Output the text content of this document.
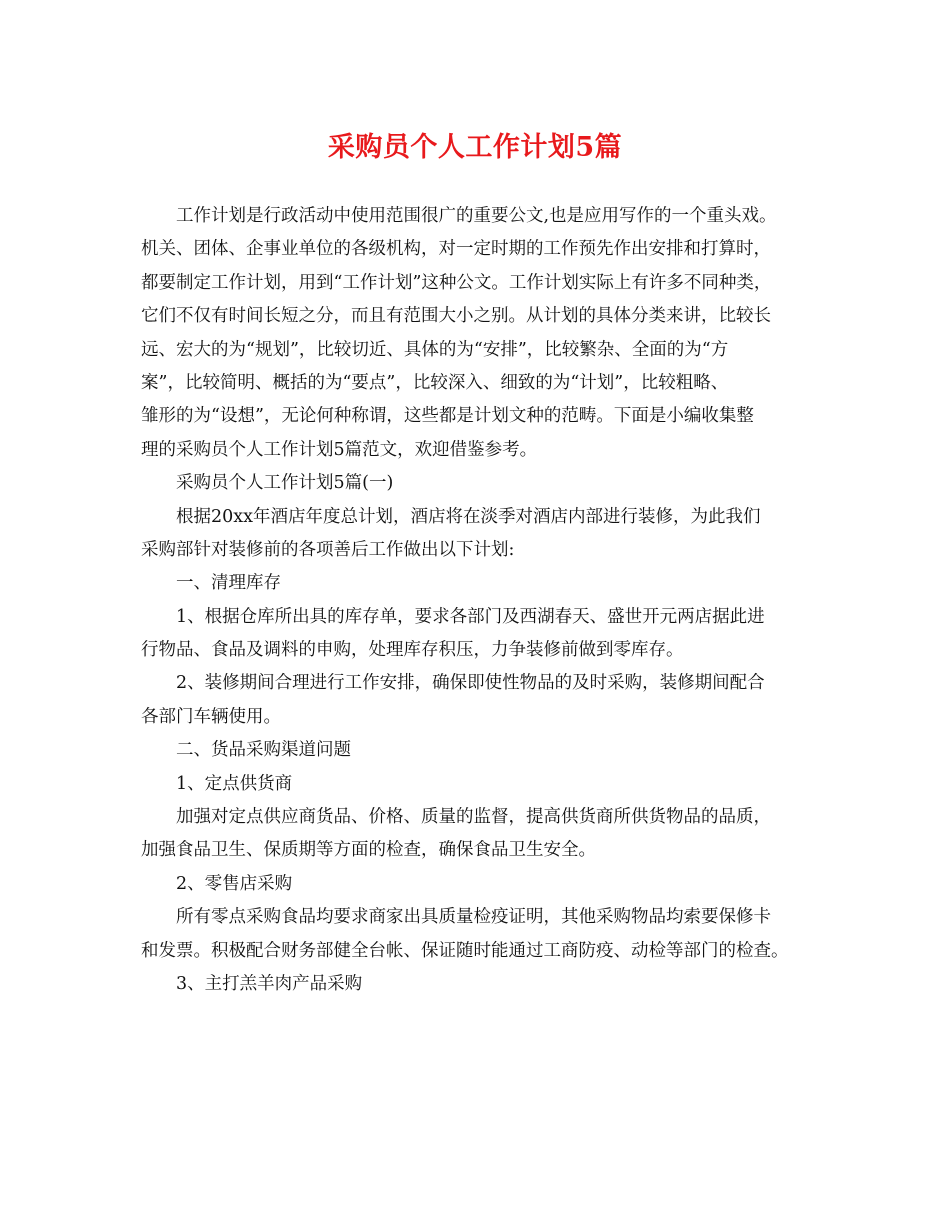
采购员个人工作计划5篇
工作计划是行政活动中使用范围很广的重要公文,也是应用写作的一个重头戏。
机关、团体、企事业单位的各级机构，对一定时期的工作预先作出安排和打算时，
都要制定工作计划，用到“工作计划”这种公文。工作计划实际上有许多不同种类，
它们不仅有时间长短之分，而且有范围大小之别。从计划的具体分类来讲，比较长
远、宏大的为“规划”，比较切近、具体的为“安排”，比较繁杂、全面的为“方
案”，比较简明、概括的为“要点”，比较深入、细致的为“计划”，比较粗略、
雏形的为“设想”，无论何种称谓，这些都是计划文种的范畴。下面是小编收集整
理的采购员个人工作计划5篇范文，欢迎借鉴参考。
采购员个人工作计划5篇(一)
根据20xx年酒店年度总计划，酒店将在淡季对酒店内部进行装修，为此我们
采购部针对装修前的各项善后工作做出以下计划:
一、清理库存
1、根据仓库所出具的库存单，要求各部门及西湖春天、盛世开元两店据此进
行物品、食品及调料的申购，处理库存积压，力争装修前做到零库存。
2、装修期间合理进行工作安排，确保即使性物品的及时采购，装修期间配合
各部门车辆使用。
二、货品采购渠道问题
1、定点供货商
加强对定点供应商货品、价格、质量的监督，提高供货商所供货物品的品质，
加强食品卫生、保质期等方面的检查，确保食品卫生安全。
2、零售店采购
所有零点采购食品均要求商家出具质量检疫证明，其他采购物品均索要保修卡
和发票。积极配合财务部健全台帐、保证随时能通过工商防疫、动检等部门的检查。
3、主打羔羊肉产品采购
